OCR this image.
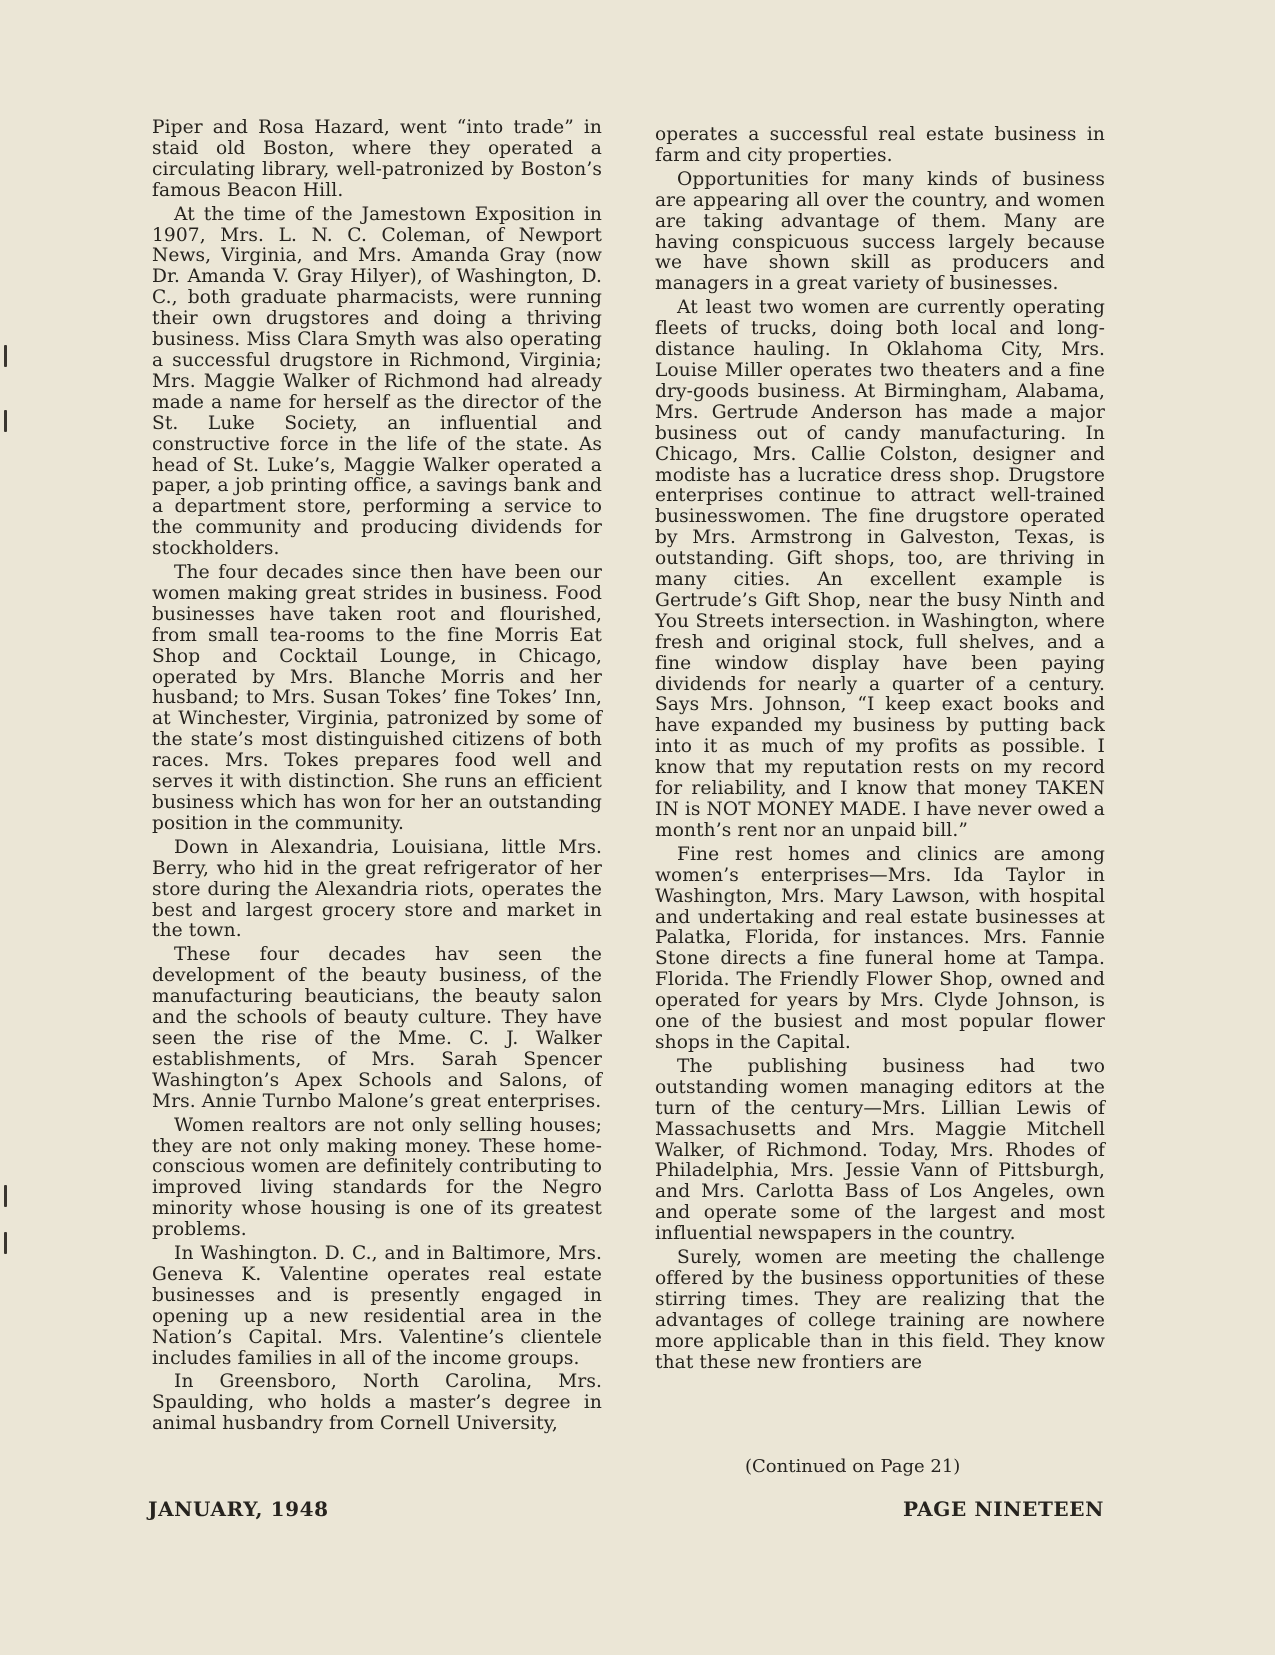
Piper and Rosa Hazard, went “into trade” in staid old Boston, where they operated a circulating library, well-patronized by Boston’s famous Beacon Hill.

At the time of the Jamestown Exposition in 1907, Mrs. L. N. C. Coleman, of Newport News, Virginia, and Mrs. Amanda Gray (now Dr. Amanda V. Gray Hilyer), of Washington, D. C., both graduate pharmacists, were running their own drugstores and doing a thriving business. Miss Clara Smyth was also operating a successful drugstore in Richmond, Virginia; Mrs. Maggie Walker of Richmond had already made a name for herself as the director of the St. Luke Society, an influential and constructive force in the life of the state. As head of St. Luke’s, Maggie Walker operated a paper, a job printing office, a savings bank and a department store, performing a service to the community and producing dividends for stockholders.

The four decades since then have been our women making great strides in business. Food businesses have taken root and flourished, from small tea-rooms to the fine Morris Eat Shop and Cocktail Lounge, in Chicago, operated by Mrs. Blanche Morris and her husband; to Mrs. Susan Tokes’ fine Tokes’ Inn, at Winchester, Virginia, patronized by some of the state’s most distinguished citizens of both races. Mrs. Tokes prepares food well and serves it with distinction. She runs an efficient business which has won for her an outstanding position in the community.

Down in Alexandria, Louisiana, little Mrs. Berry, who hid in the great refrigerator of her store during the Alexandria riots, operates the best and largest grocery store and market in the town.

These four decades hav seen the development of the beauty business, of the manufacturing beauticians, the beauty salon and the schools of beauty culture. They have seen the rise of the Mme. C. J. Walker establishments, of Mrs. Sarah Spencer Washington’s Apex Schools and Salons, of Mrs. Annie Turnbo Malone’s great enterprises.

Women realtors are not only selling houses; they are not only making money. These home-conscious women are definitely contributing to improved living standards for the Negro minority whose housing is one of its greatest problems.

In Washington. D. C., and in Baltimore, Mrs. Geneva K. Valentine operates real estate businesses and is presently engaged in opening up a new residential area in the Nation’s Capital. Mrs. Valentine’s clientele includes families in all of the income groups.

In Greensboro, North Carolina, Mrs. Spaulding, who holds a master’s degree in animal husbandry from Cornell University,

operates a successful real estate business in farm and city properties.

Opportunities for many kinds of business are appearing all over the country, and women are taking advantage of them. Many are having conspicuous success largely because we have shown skill as producers and managers in a great variety of businesses.

At least two women are currently operating fleets of trucks, doing both local and long-distance hauling. In Oklahoma City, Mrs. Louise Miller operates two theaters and a fine dry-goods business. At Birmingham, Alabama, Mrs. Gertrude Anderson has made a major business out of candy manufacturing. In Chicago, Mrs. Callie Colston, designer and modiste has a lucratice dress shop. Drugstore enterprises continue to attract well-trained businesswomen. The fine drugstore operated by Mrs. Armstrong in Galveston, Texas, is outstanding. Gift shops, too, are thriving in many cities. An excellent example is Gertrude’s Gift Shop, near the busy Ninth and You Streets intersection. in Washington, where fresh and original stock, full shelves, and a fine window display have been paying dividends for nearly a quarter of a century. Says Mrs. Johnson, “I keep exact books and have expanded my business by putting back into it as much of my profits as possible. I know that my reputation rests on my record for reliability, and I know that money TAKEN IN is NOT MONEY MADE. I have never owed a month’s rent nor an unpaid bill.”

Fine rest homes and clinics are among women’s enterprises—Mrs. Ida Taylor in Washington, Mrs. Mary Lawson, with hospital and undertaking and real estate businesses at Palatka, Florida, for instances. Mrs. Fannie Stone directs a fine funeral home at Tampa. Florida. The Friendly Flower Shop, owned and operated for years by Mrs. Clyde Johnson, is one of the busiest and most popular flower shops in the Capital.

The publishing business had two outstanding women managing editors at the turn of the century—Mrs. Lillian Lewis of Massachusetts and Mrs. Maggie Mitchell Walker, of Richmond. Today, Mrs. Rhodes of Philadelphia, Mrs. Jessie Vann of Pittsburgh, and Mrs. Carlotta Bass of Los Angeles, own and operate some of the largest and most influential newspapers in the country.

Surely, women are meeting the challenge offered by the business opportunities of these stirring times. They are realizing that the advantages of college training are nowhere more applicable than in this field. They know that these new frontiers are

(Continued on Page 21)
JANUARY, 1948	PAGE NINETEEN
